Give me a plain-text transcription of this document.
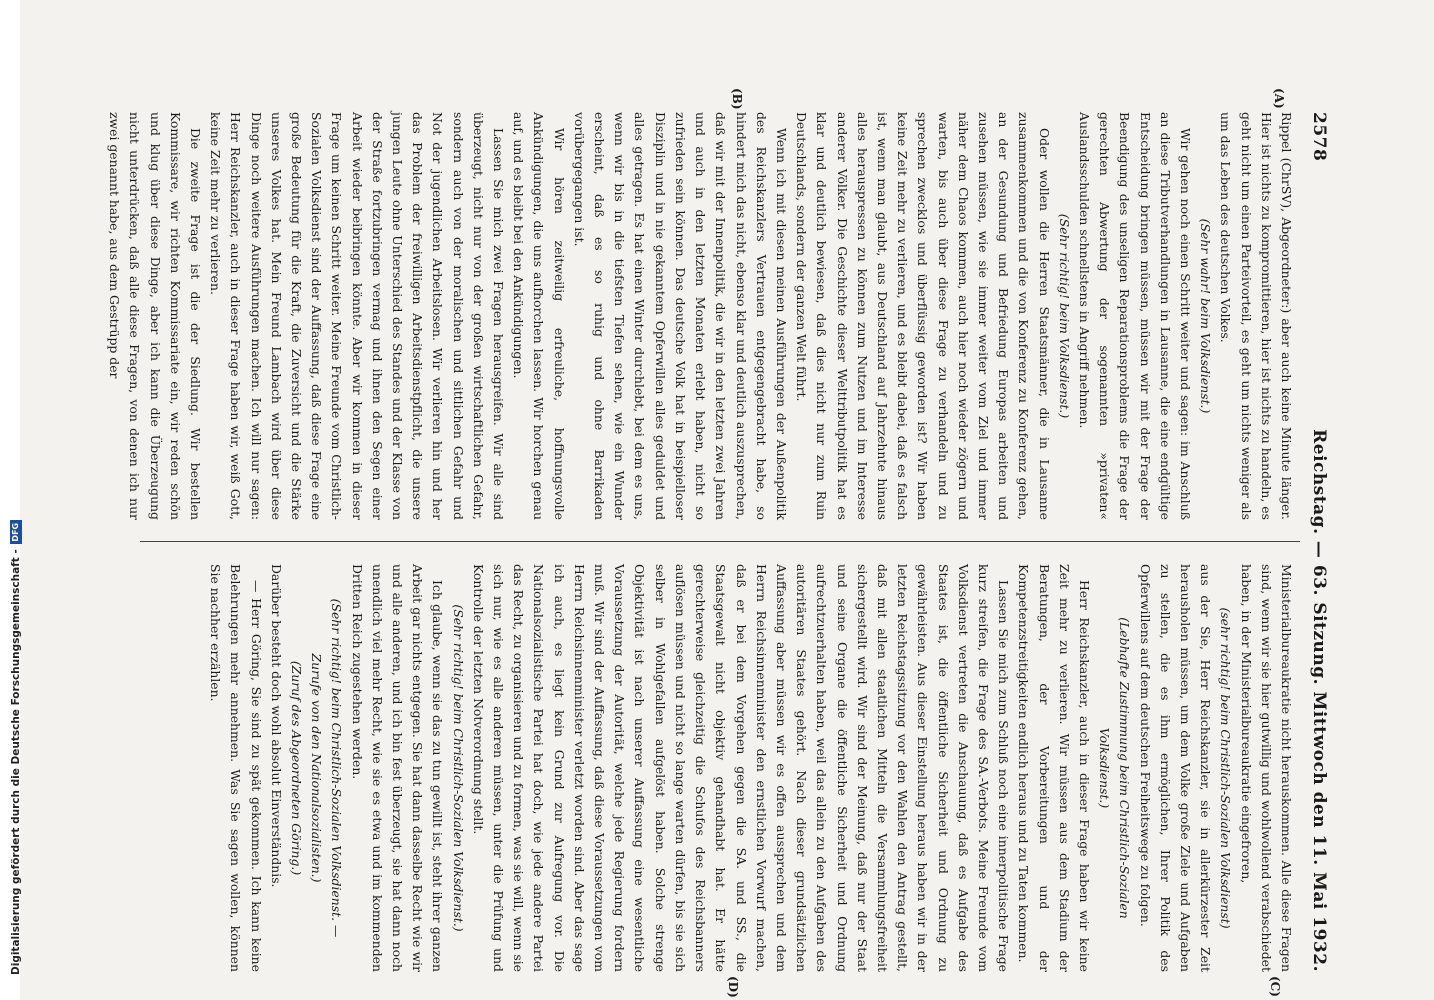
Digitalisierung gefördert durch die Deutsche Forschungsgemeinschaft -
DFG
2578
Reichstag. — 63. Sitzung. Mittwoch den 11. Mai 1932.
(A)
(B)
(C)
(D)

Rippel (ChrSV), Abgeordneter:) aber auch keine Minute länger. Hier ist nichts zu kompromittieren, hier ist nichts zu handeln, es geht nicht um einen Parteivorteil, es geht um nichts weniger als um das Leben des deutschen Volkes.

(Sehr wahr! beim Volksdienst.)

Wir gehen noch einen Schritt weiter und sagen: im Anschluß an diese Tributverhandlungen in Lausanne, die eine endgültige Entscheidung bringen müssen, müssen wir mit der Frage der Beendigung des unseligen Reparationsproblems die Frage der gerechten Abwertung der sogenannten »privaten« Auslandsschulden schnellstens in Angriff nehmen.

(Sehr richtig! beim Volksdienst.)

Oder wollen die Herren Staatsmänner, die in Lausanne zusammenkommen und die von Konferenz zu Konferenz gehen, an der Gesundung und Befriedung Europas arbeiten und zusehen müssen, wie sie immer weiter vom Ziel und immer näher dem Chaos kommen, auch hier noch wieder zögern und warten, bis auch über diese Frage zu verhandeln und zu sprechen zwecklos und überflüssig geworden ist? Wir haben keine Zeit mehr zu verlieren, und es bleibt dabei, daß es falsch ist, wenn man glaubt, aus Deutschland auf Jahrzehnte hinaus alles herauspressen zu können zum Nutzen und im Interesse anderer Völker. Die Geschichte dieser Welttributpolitik hat es klar und deutlich bewiesen, daß dies nicht nur zum Ruin Deutschlands, sondern der ganzen Welt führt.

Wenn ich mit diesen meinen Ausführungen der Außenpolitik des Reichskanzlers Vertrauen entgegengebracht habe, so hindert mich das nicht, ebenso klar und deutlich auszusprechen, daß wir mit der Innenpolitik, die wir in den letzten zwei Jahren und auch in den letzten Monaten erlebt haben, nicht so zufrieden sein können. Das deutsche Volk hat in beispielloser Disziplin und in nie gekanntem Opferwillen alles geduldet und alles getragen. Es hat einen Winter durchlebt, bei dem es uns, wenn wir bis in die tiefsten Tiefen sehen, wie ein Wunder erscheint, daß es so ruhig und ohne Barrikaden vorübergegangen ist.

Wir hören zeitweilig erfreuliche, hoffnungsvolle Ankündigungen, die uns aufhorchen lassen. Wir horchen genau auf, und es bleibt bei den Ankündigungen.

Lassen Sie mich zwei Fragen herausgreifen. Wir alle sind überzeugt, nicht nur von der großen wirtschaftlichen Gefahr, sondern auch von der moralischen und sittlichen Gefahr und Not der jugendlichen Arbeitslosen. Wir verlieren hin und her das Problem der freiwilligen Arbeitsdienstpflicht, die unsere jungen Leute ohne Unterschied des Standes und der Klasse von der Straße fortzubringen vermag und ihnen den Segen einer Arbeit wieder beibringen könnte. Aber wir kommen in dieser Frage um keinen Schritt weiter. Meine Freunde vom Christlich-Sozialen Volksdienst sind der Auffassung, daß diese Frage eine große Bedeutung für die Kraft, die Zuversicht und die Stärke unseres Volkes hat. Mein Freund Lambach wird über diese Dinge noch weitere Ausführungen machen. Ich will nur sagen: Herr Reichskanzler, auch in dieser Frage haben wir, weiß Gott, keine Zeit mehr zu verlieren.

Die zweite Frage ist die der Siedlung. Wir bestellen Kommissare, wir richten Kommissariate ein, wir reden schön und klug über diese Dinge, aber ich kann die Überzeugung nicht unterdrücken, daß alle diese Fragen, von denen ich nur zwei genannt habe, aus dem Gestrüpp der

Ministerialbureaukratie nicht herauskommen. Alle diese Fragen sind, wenn wir sie hier gutwillig und wohlwollend verabschiedet haben, in der Ministerialbureaukratie eingefroren,

(sehr richtig! beim Christlich-Sozialen Volksdienst)

aus der Sie, Herr Reichskanzler, sie in allerkürzester Zeit herausholen müssen, um dem Volke große Ziele und Aufgaben zu stellen, die es ihm ermöglichen, Ihrer Politik des Opferwillens auf dem deutschen Freiheitswege zu folgen.

(Lebhafte Zustimmung beim Christlich-Sozialen Volksdienst.)

Herr Reichskanzler, auch in dieser Frage haben wir keine Zeit mehr zu verlieren. Wir müssen aus dem Stadium der Beratungen, der Vorbereitungen und der Kompetenzstreitigkeiten endlich heraus und zu Taten kommen.

Lassen Sie mich zum Schluß noch eine innerpolitische Frage kurz streifen, die Frage des SA.-Verbots. Meine Freunde vom Volksdienst vertreten die Anschauung, daß es Aufgabe des Staates ist, die öffentliche Sicherheit und Ordnung zu gewährleisten. Aus dieser Einstellung heraus haben wir in der letzten Reichstagssitzung vor den Wahlen den Antrag gestellt, daß mit allen staatlichen Mitteln die Versammlungsfreiheit sichergestellt wird. Wir sind der Meinung, daß nur der Staat und seine Organe die öffentliche Sicherheit und Ordnung aufrechtzuerhalten haben, weil das allein zu den Aufgaben des autoritären Staates gehört. Nach dieser grundsätzlichen Auffassung aber müssen wir es offen aussprechen und dem Herrn Reichsinnenminister den ernstlichen Vorwurf machen, daß er bei dem Vorgehen gegen die SA. und SS., die Staatsgewalt nicht objektiv gehandhabt hat. Er hätte gerechterweise gleichzeitig die Schufos des Reichsbanners auflösen müssen und nicht so lange warten dürfen, bis sie sich selber in Wohlgefallen aufgelöst haben. Solche strenge Objektivität ist nach unserer Auffassung eine wesentliche Voraussetzung der Autorität, welche jede Regierung fordern muß. Wir sind der Auffassung, daß diese Voraussetzungen vom Herrn Reichsinnenminister verletzt worden sind. Aber das sage ich auch, es liegt kein Grund zur Aufregung vor. Die Nationalsozialistische Partei hat doch, wie jede andere Partei das Recht, zu organisieren und zu formen, was sie will, wenn sie sich nur, wie es alle anderen müssen, unter die Prüfung und Kontrolle der letzten Notverordnung stellt.

(Sehr richtig! beim Christlich-Sozialen Volksdienst.)

Ich glaube, wenn sie das zu tun gewillt ist, steht ihrer ganzen Arbeit gar nichts entgegen. Sie hat dann dasselbe Recht wie wir und alle anderen, und ich bin fest überzeugt, sie hat dann noch unendlich viel mehr Recht, wie sie es etwa und im kommenden Dritten Reich zugestehen werden.

(Sehr richtig! beim Christlich-Sozialen Volksdienst. — Zurufe von den Nationalsozialisten.)

(Zuruf des Abgeordneten Göring.)

Darüber besteht doch wohl absolut Einverständnis.

— Herr Göring, Sie sind zu spät gekommen. Ich kann keine Belehrungen mehr annehmen. Was Sie sagen wollen, können Sie nachher erzählen.
